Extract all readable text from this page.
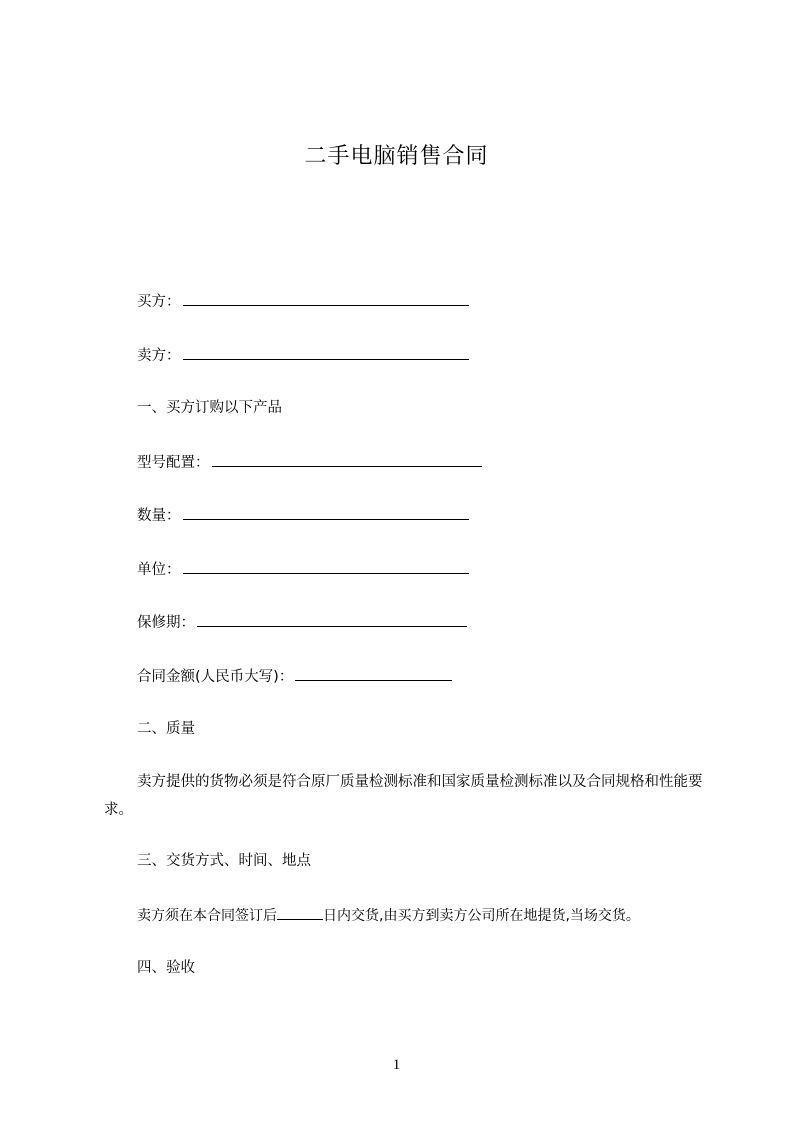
二手电脑销售合同
买方：
卖方：
一、买方订购以下产品
型号配置：
数量：
单位：
保修期：
合同金额(人民币大写)：
二、质量
卖方提供的货物必须是符合原厂质量检测标准和国家质量检测标准以及合同规格和性能要求。
三、交货方式、时间、地点
卖方须在本合同签订后	日内交货,由买方到卖方公司所在地提货,当场交货。
四、验收
1
